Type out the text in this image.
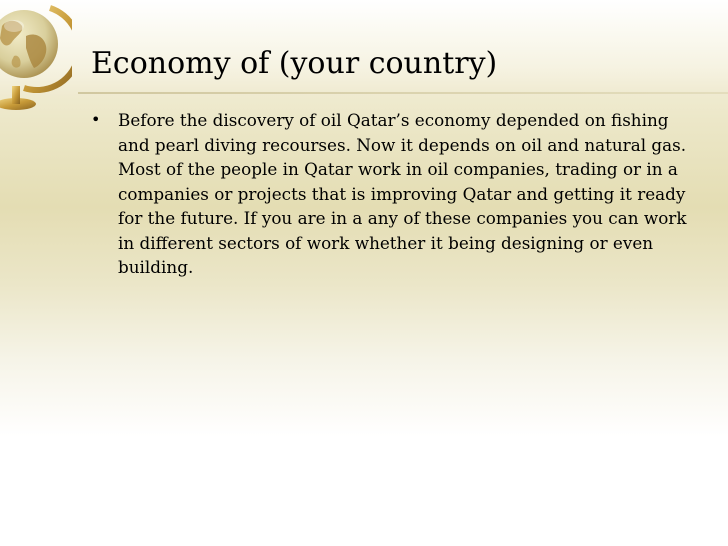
Economy of (your country)
• Before the discovery of oil Qatar’s economy depended on fishing and pearl diving recourses. Now it depends on oil and natural gas. Most of the people in Qatar work in oil companies, trading or in a companies or projects that is improving Qatar and getting it ready for the future. If you are in a any of these companies you can work in different sectors of work whether it being designing or even building.
